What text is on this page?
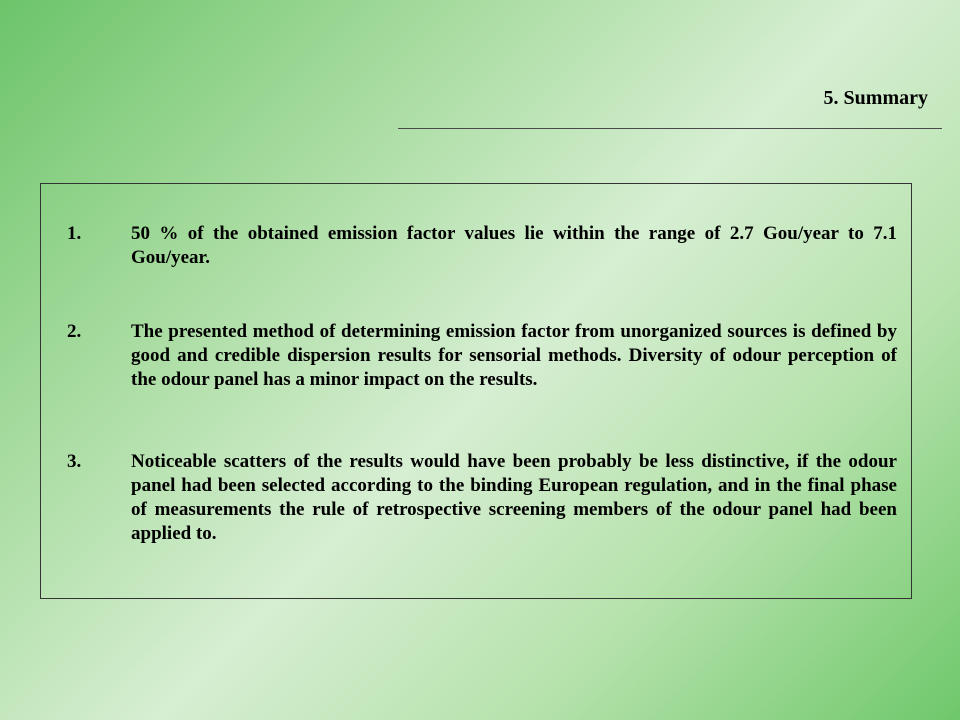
5. Summary
1.	50 % of the obtained emission factor values lie within the range of 2.7 Gou/year to 7.1 Gou/year.
2.	The presented method of determining emission factor from unorganized sources is defined by good and credible dispersion results for sensorial methods. Diversity of odour perception of the odour panel has a minor impact on the results.
3.	Noticeable scatters of the results would have been probably be less distinctive, if the odour panel had been selected according to the binding European regulation, and in the final phase of measurements the rule of retrospective screening members of the odour panel had been applied to.
